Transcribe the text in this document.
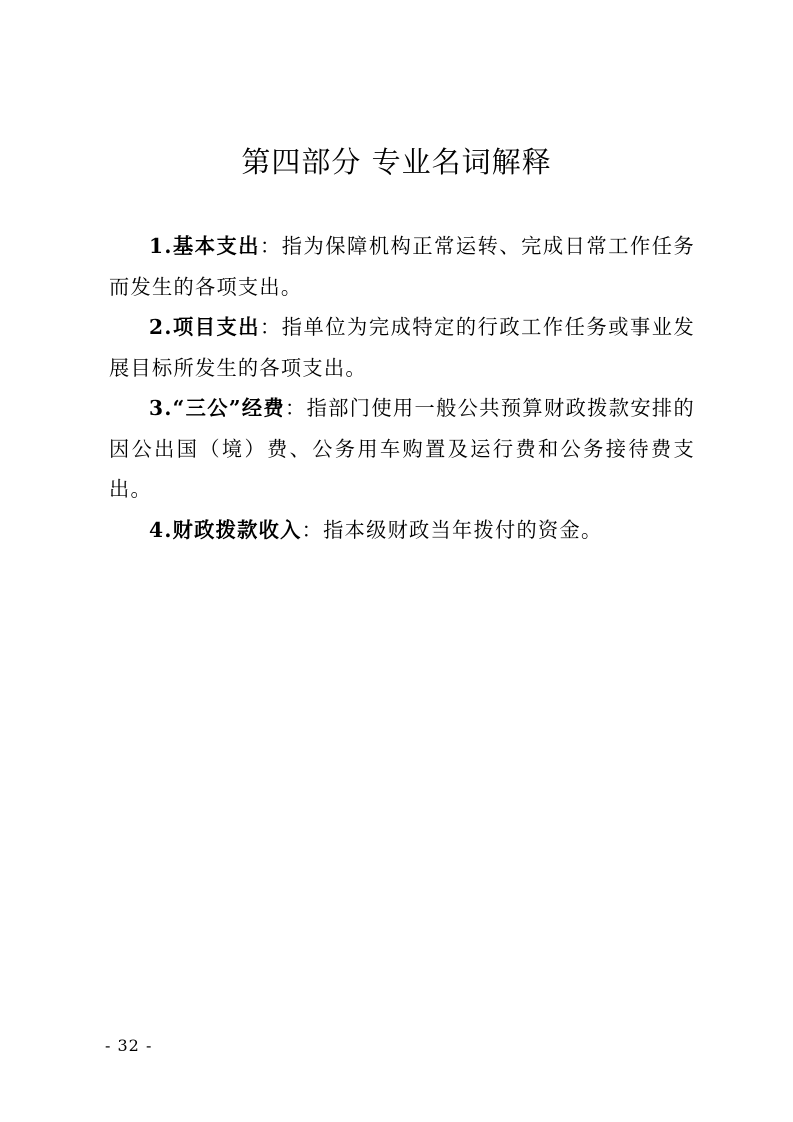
第四部分 专业名词解释

1.基本支出：指为保障机构正常运转、完成日常工作任务而发生的各项支出。

2.项目支出：指单位为完成特定的行政工作任务或事业发展目标所发生的各项支出。

3.“三公”经费：指部门使用一般公共预算财政拨款安排的因公出国（境）费、公务用车购置及运行费和公务接待费支出。

4.财政拨款收入：指本级财政当年拨付的资金。

- 32 -
